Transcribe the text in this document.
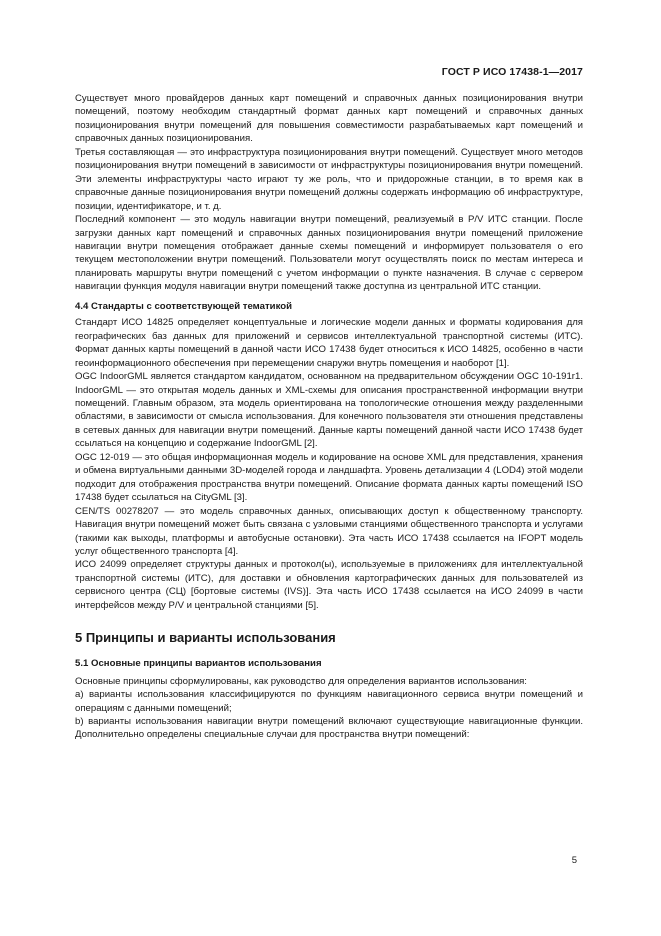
ГОСТ Р ИСО 17438-1—2017

Существует много провайдеров данных карт помещений и справочных данных позиционирования внутри помещений, поэтому необходим стандартный формат данных карт помещений и справочных данных позиционирования внутри помещений для повышения совместимости разрабатываемых карт помещений и справочных данных позиционирования.

Третья составляющая — это инфраструктура позиционирования внутри помещений. Существует много методов позиционирования внутри помещений в зависимости от инфраструктуры позиционирования внутри помещений. Эти элементы инфраструктуры часто играют ту же роль, что и придорожные станции, в то время как в справочные данные позиционирования внутри помещений должны содержать информацию об инфраструктуре, позиции, идентификаторе, и т. д.

Последний компонент — это модуль навигации внутри помещений, реализуемый в P/V ИТС станции. После загрузки данных карт помещений и справочных данных позиционирования внутри помещений приложение навигации внутри помещения отображает данные схемы помещений и информирует пользователя о его текущем местоположении внутри помещений. Пользователи могут осуществлять поиск по местам интереса и планировать маршруты внутри помещений с учетом информации о пункте назначения. В случае с сервером навигации функция модуля навигации внутри помещений также доступна из центральной ИТС станции.

4.4 Стандарты с соответствующей тематикой

Стандарт ИСО 14825 определяет концептуальные и логические модели данных и форматы кодирования для географических баз данных для приложений и сервисов интеллектуальной транспортной системы (ИТС). Формат данных карты помещений в данной части ИСО 17438 будет относиться к ИСО 14825, особенно в части геоинформационного обеспечения при перемещении снаружи внутрь помещения и наоборот [1].

OGC IndoorGML является стандартом кандидатом, основанном на предварительном обсуждении OGC 10-191r1. IndoorGML — это открытая модель данных и XML-схемы для описания пространственной информации внутри помещений. Главным образом, эта модель ориентирована на топологические отношения между разделенными областями, в зависимости от смысла использования. Для конечного пользователя эти отношения представлены в сетевых данных для навигации внутри помещений. Данные карты помещений данной части ИСО 17438 будет ссылаться на концепцию и содержание IndoorGML [2].

OGC 12-019 — это общая информационная модель и кодирование на основе XML для представления, хранения и обмена виртуальными данными 3D-моделей города и ландшафта. Уровень детализации 4 (LOD4) этой модели подходит для отображения пространства внутри помещений. Описание формата данных карты помещений ISO 17438 будет ссылаться на CityGML [3].

CEN/TS 00278207 — это модель справочных данных, описывающих доступ к общественному транспорту. Навигация внутри помещений может быть связана с узловыми станциями общественного транспорта и услугами (такими как выходы, платформы и автобусные остановки). Эта часть ИСО 17438 ссылается на IFOPT модель услуг общественного транспорта [4].

ИСО 24099 определяет структуры данных и протокол(ы), используемые в приложениях для интеллектуальной транспортной системы (ИТС), для доставки и обновления картографических данных для пользователей из сервисного центра (СЦ) [бортовые системы (IVS)]. Эта часть ИСО 17438 ссылается на ИСО 24099 в части интерфейсов между P/V и центральной станциями [5].

5 Принципы и варианты использования
5.1 Основные принципы вариантов использования

Основные принципы сформулированы, как руководство для определения вариантов использования:

a) варианты использования классифицируются по функциям навигационного сервиса внутри помещений и операциям с данными помещений;

b) варианты использования навигации внутри помещений включают существующие навигационные функции. Дополнительно определены специальные случаи для пространства внутри помещений:

5
